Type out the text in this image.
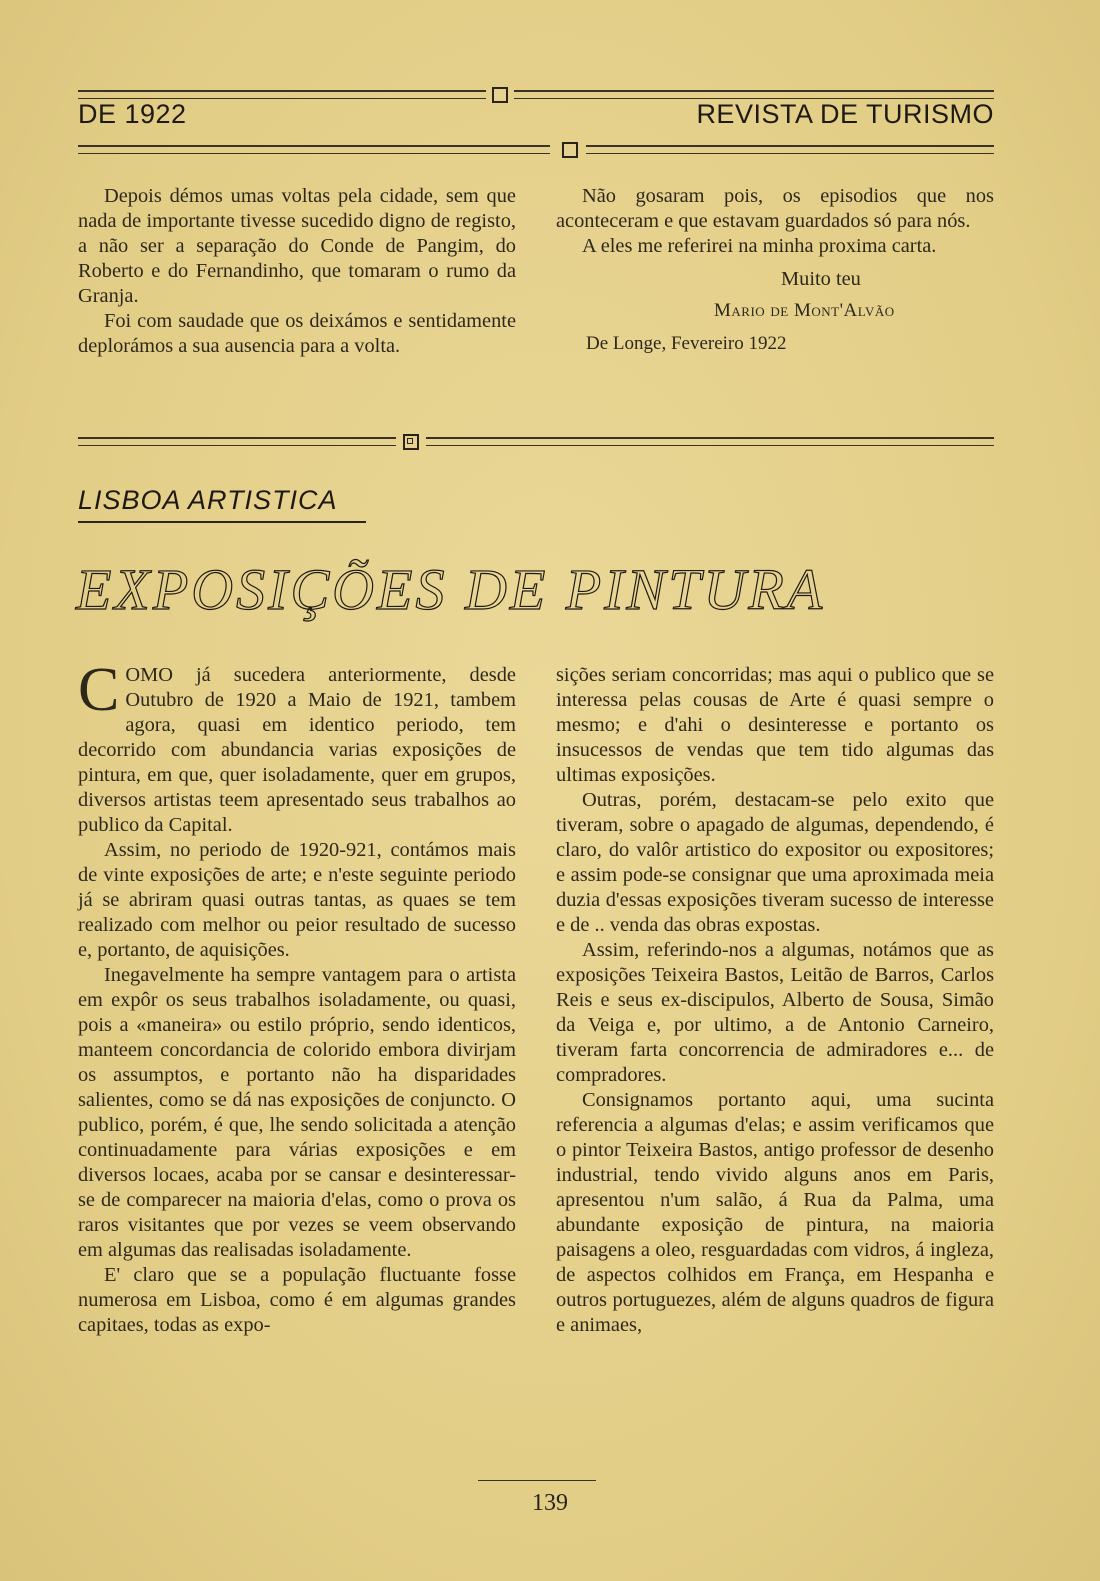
DE 1922	REVISTA DE TURISMO

Depois démos umas voltas pela cidade, sem que nada de importante tivesse sucedido digno de registo, a não ser a separação do Conde de Pangim, do Roberto e do Fernandinho, que tomaram o rumo da Granja.

Foi com saudade que os deixámos e sentidamente deplorámos a sua ausencia para a volta.

Não gosaram pois, os episodios que nos aconteceram e que estavam guardados só para nós.

A eles me referirei na minha proxima carta.

Muito teu
Mario de Mont'Alvão
De Longe, Fevereiro 1922
LISBOA ARTISTICA
EXPOSIÇÕES DE PINTURA

COMO já sucedera anteriormente, desde Outubro de 1920 a Maio de 1921, tambem agora, quasi em identico periodo, tem decorrido com abundancia varias exposições de pintura, em que, quer isoladamente, quer em grupos, diversos artistas teem apresentado seus trabalhos ao publico da Capital.

Assim, no periodo de 1920-921, contámos mais de vinte exposições de arte; e n'este seguinte periodo já se abriram quasi outras tantas, as quaes se tem realizado com melhor ou peior resultado de sucesso e, portanto, de aquisições.

Inegavelmente ha sempre vantagem para o artista em expôr os seus trabalhos isoladamente, ou quasi, pois a «maneira» ou estilo próprio, sendo identicos, manteem concordancia de colorido embora divirjam os assumptos, e portanto não ha disparidades salientes, como se dá nas exposições de conjuncto. O publico, porém, é que, lhe sendo solicitada a atenção continuadamente para várias exposições e em diversos locaes, acaba por se cansar e desinteressar-se de comparecer na maioria d'elas, como o prova os raros visitantes que por vezes se veem observando em algumas das realisadas isoladamente.

E' claro que se a população fluctuante fosse numerosa em Lisboa, como é em algumas grandes capitaes, todas as expo-

sições seriam concorridas; mas aqui o publico que se interessa pelas cousas de Arte é quasi sempre o mesmo; e d'ahi o desinteresse e portanto os insucessos de vendas que tem tido algumas das ultimas exposições.

Outras, porém, destacam-se pelo exito que tiveram, sobre o apagado de algumas, dependendo, é claro, do valôr artistico do expositor ou expositores; e assim pode-se consignar que uma aproximada meia duzia d'essas exposições tiveram sucesso de interesse e de .. venda das obras expostas.

Assim, referindo-nos a algumas, notámos que as exposições Teixeira Bastos, Leitão de Barros, Carlos Reis e seus ex-discipulos, Alberto de Sousa, Simão da Veiga e, por ultimo, a de Antonio Carneiro, tiveram farta concorrencia de admiradores e... de compradores.

Consignamos portanto aqui, uma sucinta referencia a algumas d'elas; e assim verificamos que o pintor Teixeira Bastos, antigo professor de desenho industrial, tendo vivido alguns anos em Paris, apresentou n'um salão, á Rua da Palma, uma abundante exposição de pintura, na maioria paisagens a oleo, resguardadas com vidros, á ingleza, de aspectos colhidos em França, em Hespanha e outros portuguezes, além de alguns quadros de figura e animaes,

139
